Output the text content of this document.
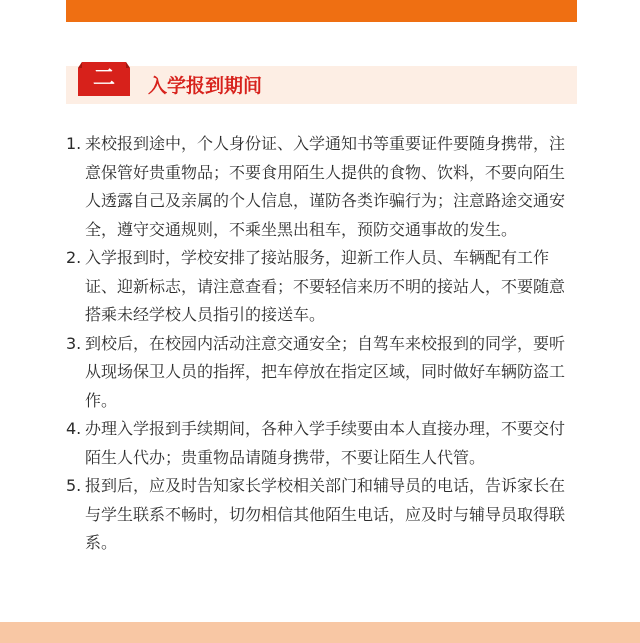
二	入学报到期间
1. 来校报到途中，个人身份证、入学通知书等重要证件要随身携带，注意保管好贵重物品；不要食用陌生人提供的食物、饮料，不要向陌生人透露自己及亲属的个人信息，谨防各类诈骗行为；注意路途交通安全，遵守交通规则，不乘坐黑出租车，预防交通事故的发生。
2. 入学报到时，学校安排了接站服务，迎新工作人员、车辆配有工作证、迎新标志，请注意查看；不要轻信来历不明的接站人，不要随意搭乘未经学校人员指引的接送车。
3. 到校后，在校园内活动注意交通安全；自驾车来校报到的同学，要听从现场保卫人员的指挥，把车停放在指定区域，同时做好车辆防盗工作。
4. 办理入学报到手续期间，各种入学手续要由本人直接办理，不要交付陌生人代办；贵重物品请随身携带，不要让陌生人代管。
5. 报到后，应及时告知家长学校相关部门和辅导员的电话，告诉家长在与学生联系不畅时，切勿相信其他陌生电话，应及时与辅导员取得联系。
